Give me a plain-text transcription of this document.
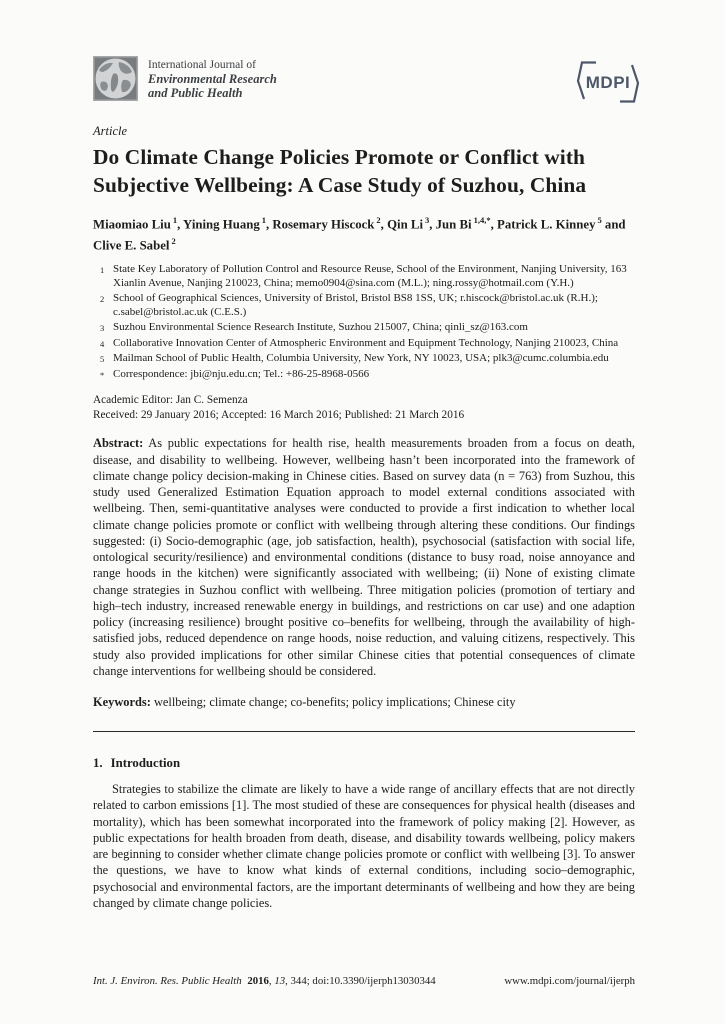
International Journal of
Environmental Research
and Public Health
MDPI
Article
Do Climate Change Policies Promote or Conflict with Subjective Wellbeing: A Case Study of Suzhou, China
Miaomiao Liu $^1$, Yining Huang $^1$, Rosemary Hiscock $^2$, Qin Li $^3$, Jun Bi $^{1,4,*}$, Patrick L. Kinney $^5$ and Clive E. Sabel $^2$
1 State Key Laboratory of Pollution Control and Resource Reuse, School of the Environment, Nanjing University, 163 Xianlin Avenue, Nanjing 210023, China; memo0904@sina.com (M.L.); ning.rossy@hotmail.com (Y.H.)
2 School of Geographical Sciences, University of Bristol, Bristol BS8 1SS, UK; r.hiscock@bristol.ac.uk (R.H.); c.sabel@bristol.ac.uk (C.E.S.)
3 Suzhou Environmental Science Research Institute, Suzhou 215007, China; qinli_sz@163.com
4 Collaborative Innovation Center of Atmospheric Environment and Equipment Technology, Nanjing 210023, China
5 Mailman School of Public Health, Columbia University, New York, NY 10023, USA; plk3@cumc.columbia.edu
* Correspondence: jbi@nju.edu.cn; Tel.: +86-25-8968-0566
Academic Editor: Jan C. Semenza
Received: 29 January 2016; Accepted: 16 March 2016; Published: 21 March 2016

Abstract: As public expectations for health rise, health measurements broaden from a focus on death, disease, and disability to wellbeing. However, wellbeing hasn’t been incorporated into the framework of climate change policy decision-making in Chinese cities. Based on survey data (n = 763) from Suzhou, this study used Generalized Estimation Equation approach to model external conditions associated with wellbeing. Then, semi-quantitative analyses were conducted to provide a first indication to whether local climate change policies promote or conflict with wellbeing through altering these conditions. Our findings suggested: (i) Socio-demographic (age, job satisfaction, health), psychosocial (satisfaction with social life, ontological security/resilience) and environmental conditions (distance to busy road, noise annoyance and range hoods in the kitchen) were significantly associated with wellbeing; (ii) None of existing climate change strategies in Suzhou conflict with wellbeing. Three mitigation policies (promotion of tertiary and high–tech industry, increased renewable energy in buildings, and restrictions on car use) and one adaption policy (increasing resilience) brought positive co–benefits for wellbeing, through the availability of high-satisfied jobs, reduced dependence on range hoods, noise reduction, and valuing citizens, respectively. This study also provided implications for other similar Chinese cities that potential consequences of climate change interventions for wellbeing should be considered.

Keywords: wellbeing; climate change; co-benefits; policy implications; Chinese city

1. Introduction

Strategies to stabilize the climate are likely to have a wide range of ancillary effects that are not directly related to carbon emissions [1]. The most studied of these are consequences for physical health (diseases and mortality), which has been somewhat incorporated into the framework of policy making [2]. However, as public expectations for health broaden from death, disease, and disability towards wellbeing, policy makers are beginning to consider whether climate change policies promote or conflict with wellbeing [3]. To answer the questions, we have to know what kinds of external conditions, including socio–demographic, psychosocial and environmental factors, are the important determinants of wellbeing and how they are being changed by climate change policies.

Int. J. Environ. Res. Public Health 2016, 13, 344; doi:10.3390/ijerph13030344	www.mdpi.com/journal/ijerph
